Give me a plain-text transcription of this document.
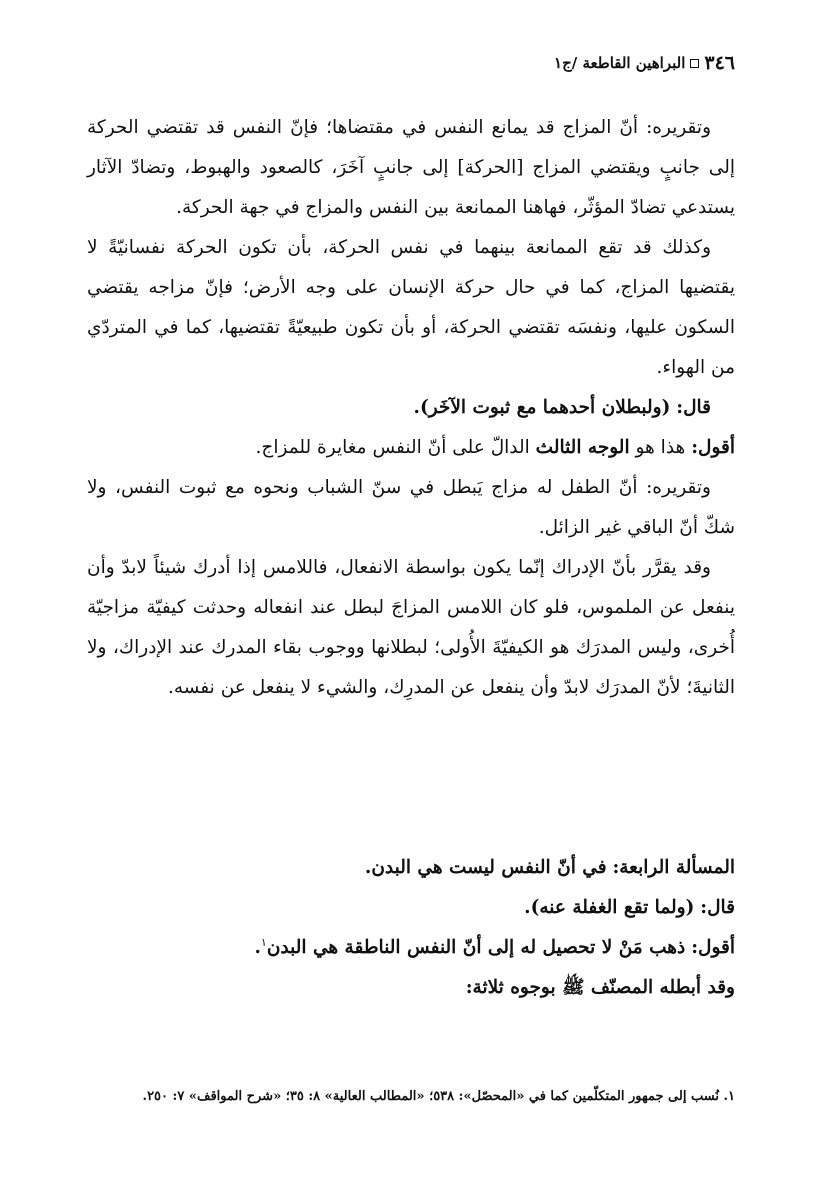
٣٤٦
البراهين القاطعة /ج١

وتقريره: أنّ المزاج قد يمانع النفس في مقتضاها؛ فإنّ النفس قد تقتضي الحركة إلى جانبٍ ويقتضي المزاج [الحركة] إلى جانبٍ آخَرَ، كالصعود والهبوط، وتضادّ الآثار يستدعي تضادّ المؤثّر، فهاهنا الممانعة بين النفس والمزاج في جهة الحركة.

وكذلك قد تقع الممانعة بينهما في نفس الحركة، بأن تكون الحركة نفسانيّةً لا يقتضيها المزاج، كما في حال حركة الإنسان على وجه الأرض؛ فإنّ مزاجه يقتضي السكون عليها، ونفسَه تقتضي الحركة، أو بأن تكون طبيعيّةً تقتضيها، كما في المتردّي من الهواء.

قال: (ولبطلان أحدهما مع ثبوت الآخَر).

أقول: هذا هو الوجه الثالث الدالّ على أنّ النفس مغايرة للمزاج.

وتقريره: أنّ الطفل له مزاج يَبطل في سنّ الشباب ونحوه مع ثبوت النفس، ولا شكّ أنّ الباقي غير الزائل.

وقد يقرَّر بأنّ الإدراك إنّما يكون بواسطة الانفعال، فاللامس إذا أدرك شيئاً لابدّ وأن ينفعل عن الملموس، فلو كان اللامس المزاجَ لبطل عند انفعاله وحدثت كيفيّة مزاجيّة أُخرى، وليس المدرَك هو الكيفيّةَ الأُولى؛ لبطلانها ووجوب بقاء المدرك عند الإدراك، ولا الثانيةَ؛ لأنّ المدرَك لابدّ وأن ينفعل عن المدرِك، والشيء لا ينفعل عن نفسه.

المسألة الرابعة: في أنّ النفس ليست هي البدن.

قال: (ولما تقع الغفلة عنه).

أقول: ذهب مَنْ لا تحصيل له إلى أنّ النفس الناطقة هي البدن$^١$.

وقد أبطله المصنّف ﷺ بوجوه ثلاثة:

١. نُسب إلى جمهور المتكلّمين كما في «المحصّل»: ٥٣٨؛ «المطالب العالية» ٨: ٣٥؛ «شرح المواقف» ٧: ٢٥٠.
